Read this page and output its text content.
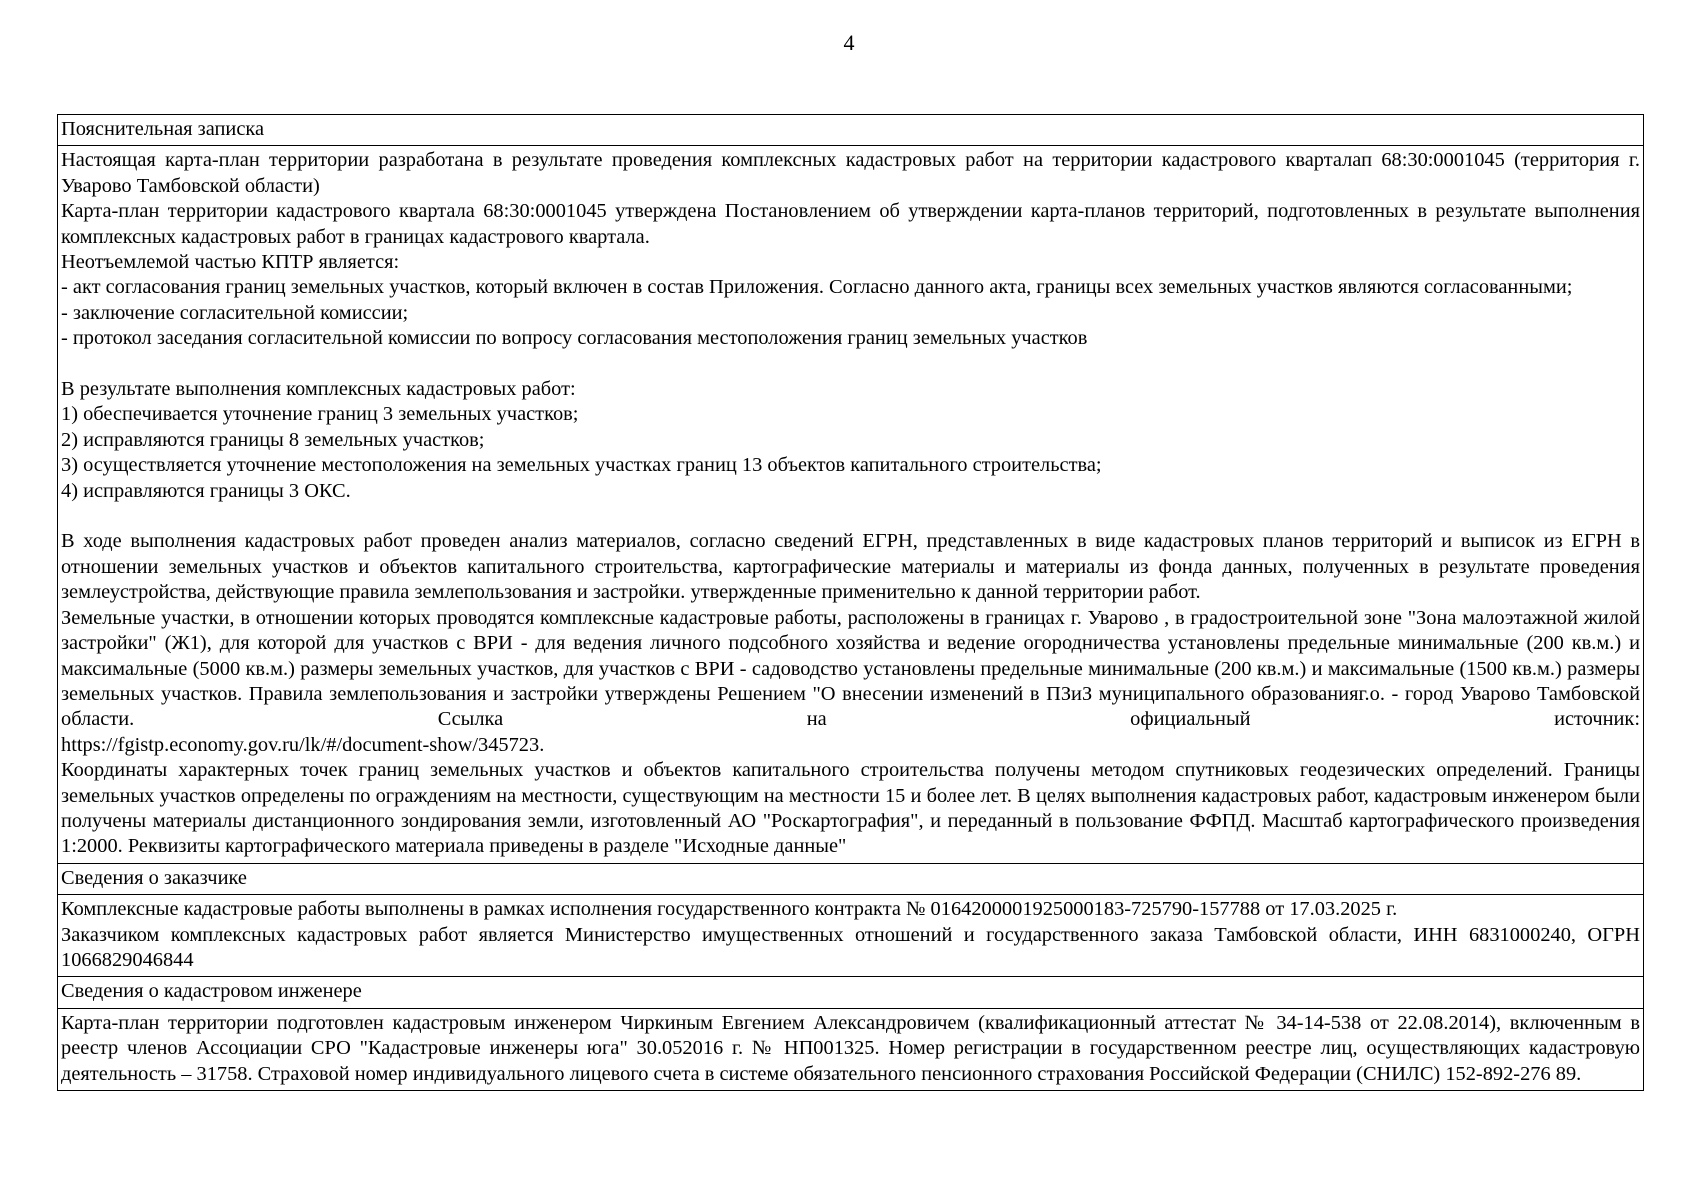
4

Пояснительная записка

Настоящая карта-план территории разработана в результате проведения комплексных кадастровых работ на территории кадастрового кварталап 68:30:0001045 (территория г. Уварово Тамбовской области)

Карта-план территории кадастрового квартала 68:30:0001045 утверждена Постановлением об утверждении карта-планов территорий, подготовленных в результате выполнения комплексных кадастровых работ в границах кадастрового квартала.

Неотъемлемой частью КПТР является:

- акт согласования границ земельных участков, который включен в состав Приложения. Согласно данного акта, границы всех земельных участков являются согласованными;

- заключение согласительной комиссии;

- протокол заседания согласительной комиссии по вопросу согласования местоположения границ земельных участков

В результате выполнения комплексных кадастровых работ:

1) обеспечивается уточнение границ 3 земельных участков;

2) исправляются границы 8 земельных участков;

3) осуществляется уточнение местоположения на земельных участках границ 13 объектов капитального строительства;

4) исправляются границы 3 ОКС.

В ходе выполнения кадастровых работ проведен анализ материалов, согласно сведений ЕГРН, представленных в виде кадастровых планов территорий и выписок из ЕГРН в отношении земельных участков и объектов капитального строительства, картографические материалы и материалы из фонда данных, полученных в результате проведения землеустройства, действующие правила землепользования и застройки. утвержденные применительно к данной территории работ.

Земельные участки, в отношении которых проводятся комплексные кадастровые работы, расположены в границах г. Уварово , в градостроительной зоне "Зона малоэтажной жилой застройки" (Ж1), для которой для участков с ВРИ - для ведения личного подсобного хозяйства и ведение огородничества установлены предельные минимальные (200 кв.м.) и максимальные (5000 кв.м.) размеры земельных участков, для участков с ВРИ - садоводство установлены предельные минимальные (200 кв.м.) и максимальные (1500 кв.м.) размеры земельных участков. Правила землепользования и застройки утверждены Решением "О внесении изменений в ПЗиЗ муниципального образованияг.о. - город Уварово Тамбовской области. Ссылка на официальный источник:

https://fgistp.economy.gov.ru/lk/#/document-show/345723.

Координаты характерных точек границ земельных участков и объектов капитального строительства получены методом спутниковых геодезических определений. Границы земельных участков определены по ограждениям на местности, существующим на местности 15 и более лет. В целях выполнения кадастровых работ, кадастровым инженером были получены материалы дистанционного зондирования земли, изготовленный АО "Роскартография", и переданный в пользование ФФПД. Масштаб картографического произведения 1:2000. Реквизиты картографического материала приведены в разделе "Исходные данные"

Сведения о заказчике

Комплексные кадастровые работы выполнены в рамках исполнения государственного контракта № 0164200001925000183-725790-157788 от 17.03.2025 г.

Заказчиком комплексных кадастровых работ является Министерство имущественных отношений и государственного заказа Тамбовской области, ИНН 6831000240, ОГРН 1066829046844

Сведения о кадастровом инженере

Карта-план территории подготовлен кадастровым инженером Чиркиным Евгением Александровичем (квалификационный аттестат № 34-14-538 от 22.08.2014), включенным в реестр членов Ассоциации СРО "Кадастровые инженеры юга" 30.052016 г. № НП001325. Номер регистрации в государственном реестре лиц, осуществляющих кадастровую деятельность – 31758. Страховой номер индивидуального лицевого счета в системе обязательного пенсионного страхования Российской Федерации (СНИЛС) 152-892-276 89.
